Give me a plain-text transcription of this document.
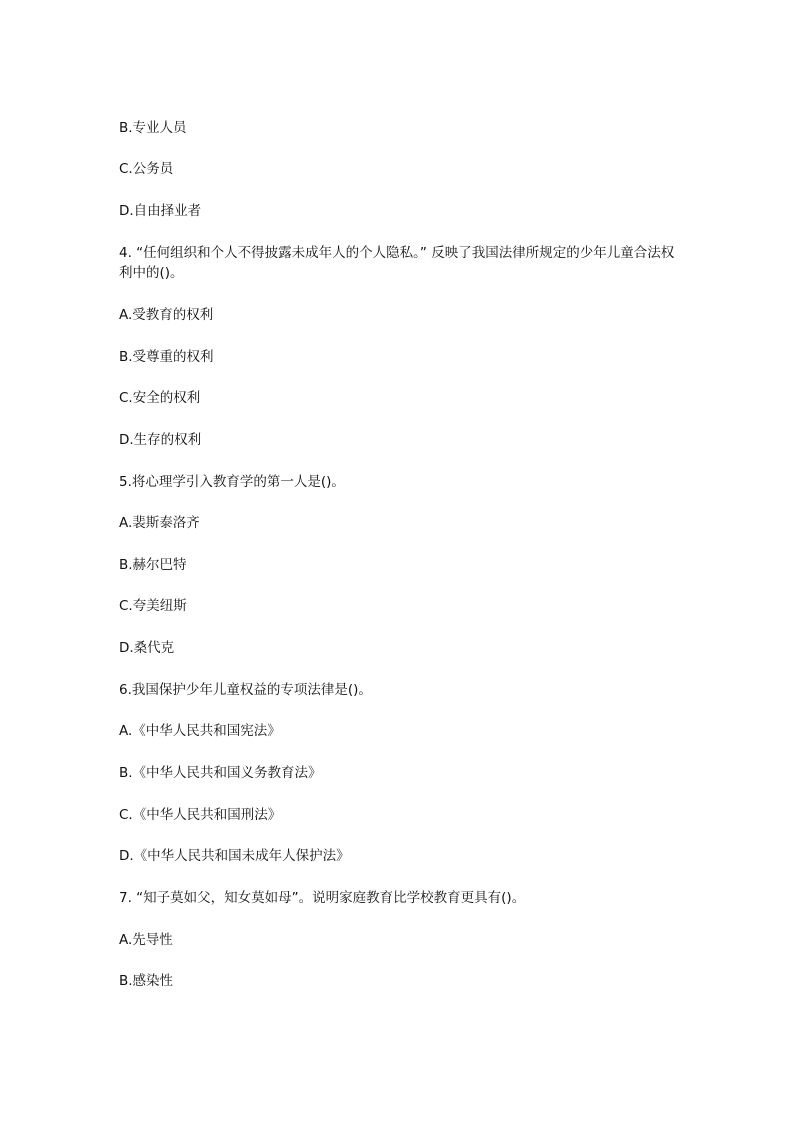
B.专业人员
C.公务员
D.自由择业者
4. “任何组织和个人不得披露未成年人的个人隐私。” 反映了我国法律所规定的少年儿童合法权利中的()。
A.受教育的权利
B.受尊重的权利
C.安全的权利
D.生存的权利
5.将心理学引入教育学的第一人是()。
A.裴斯泰洛齐
B.赫尔巴特
C.夸美纽斯
D.桑代克
6.我国保护少年儿童权益的专项法律是()。
A.《中华人民共和国宪法》
B.《中华人民共和国义务教育法》
C.《中华人民共和国刑法》
D.《中华人民共和国未成年人保护法》
7. “知子莫如父，知女莫如母”。说明家庭教育比学校教育更具有()。
A.先导性
B.感染性
